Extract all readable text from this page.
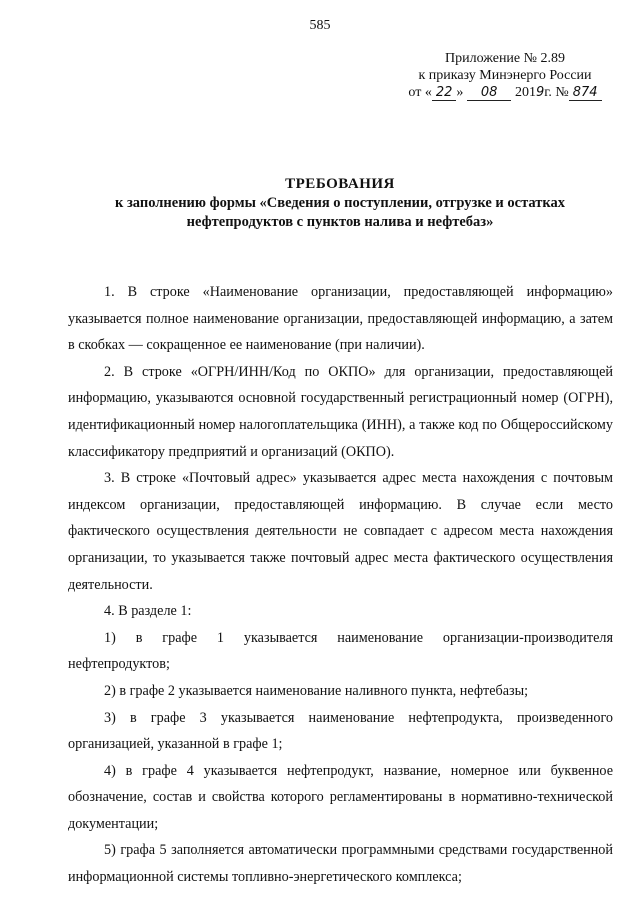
585
Приложение № 2.89
к приказу Минэнерго России
от « 22 » 08 2019г. № 874
ТРЕБОВАНИЯ
к заполнению формы «Сведения о поступлении, отгрузке и остатках
нефтепродуктов с пунктов налива и нефтебаз»

1. В строке «Наименование организации, предоставляющей информацию» указывается полное наименование организации, предоставляющей информацию, а затем в скобках — сокращенное ее наименование (при наличии).

2. В строке «ОГРН/ИНН/Код по ОКПО» для организации, предоставляющей информацию, указываются основной государственный регистрационный номер (ОГРН), идентификационный номер налогоплательщика (ИНН), а также код по Общероссийскому классификатору предприятий и организаций (ОКПО).

3. В строке «Почтовый адрес» указывается адрес места нахождения с почтовым индексом организации, предоставляющей информацию. В случае если место фактического осуществления деятельности не совпадает с адресом места нахождения организации, то указывается также почтовый адрес места фактического осуществления деятельности.

4. В разделе 1:

1) в графе 1 указывается наименование организации-производителя нефтепродуктов;

2) в графе 2 указывается наименование наливного пункта, нефтебазы;

3) в графе 3 указывается наименование нефтепродукта, произведенного организацией, указанной в графе 1;

4) в графе 4 указывается нефтепродукт, название, номерное или буквенное обозначение, состав и свойства которого регламентированы в нормативно-технической документации;

5) графа 5 заполняется автоматически программными средствами государственной информационной системы топливно-энергетического комплекса;
